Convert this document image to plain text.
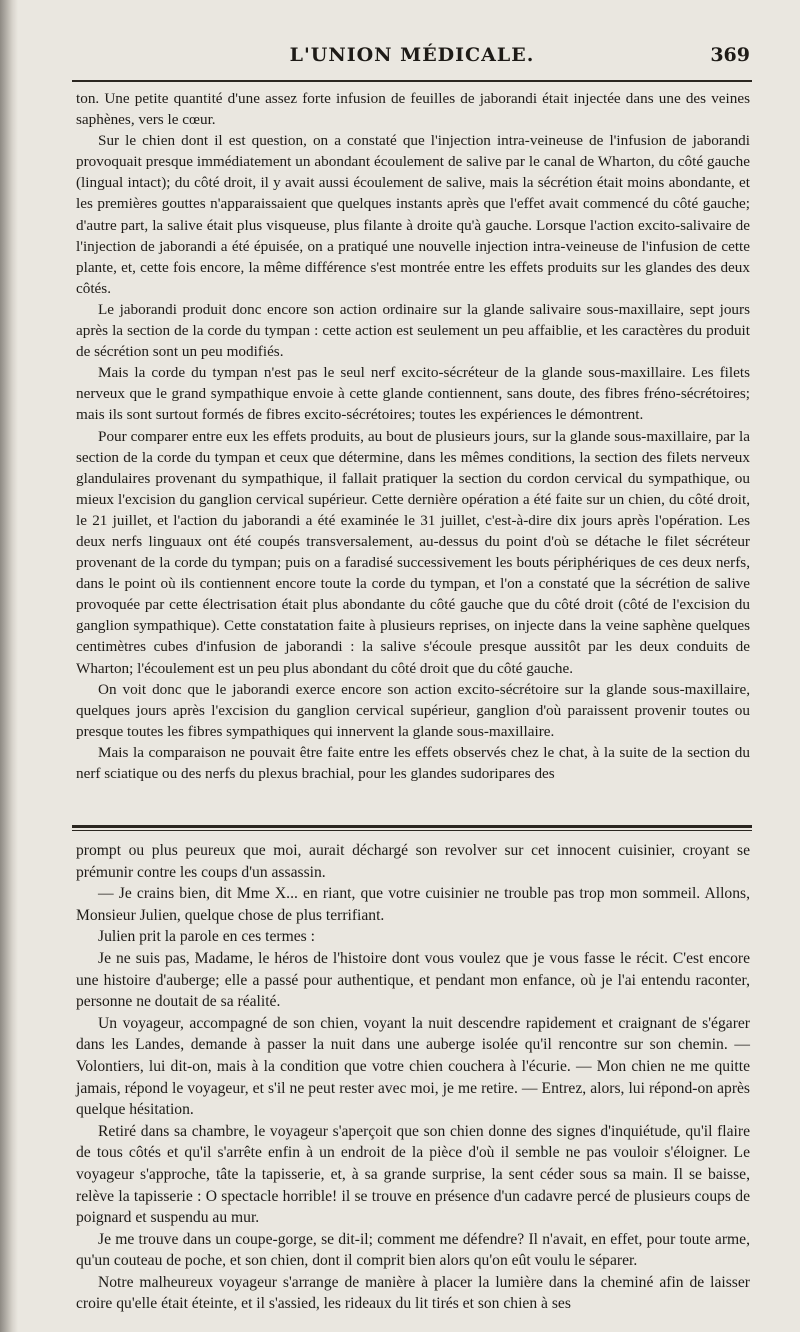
L'UNION MÉDICALE.	369

ton. Une petite quantité d'une assez forte infusion de feuilles de jaborandi était injectée dans une des veines saphènes, vers le cœur.

Sur le chien dont il est question, on a constaté que l'injection intra-veineuse de l'infusion de jaborandi provoquait presque immédiatement un abondant écoulement de salive par le canal de Wharton, du côté gauche (lingual intact); du côté droit, il y avait aussi écoulement de salive, mais la sécrétion était moins abondante, et les premières gouttes n'apparaissaient que quelques instants après que l'effet avait commencé du côté gauche; d'autre part, la salive était plus visqueuse, plus filante à droite qu'à gauche. Lorsque l'action excito-salivaire de l'injection de jaborandi a été épuisée, on a pratiqué une nouvelle injection intra-veineuse de l'infusion de cette plante, et, cette fois encore, la même différence s'est montrée entre les effets produits sur les glandes des deux côtés.

Le jaborandi produit donc encore son action ordinaire sur la glande salivaire sous-maxillaire, sept jours après la section de la corde du tympan : cette action est seulement un peu affaiblie, et les caractères du produit de sécrétion sont un peu modifiés.

Mais la corde du tympan n'est pas le seul nerf excito-sécréteur de la glande sous-maxillaire. Les filets nerveux que le grand sympathique envoie à cette glande contiennent, sans doute, des fibres fréno-sécrétoires; mais ils sont surtout formés de fibres excito-sécrétoires; toutes les expériences le démontrent.

Pour comparer entre eux les effets produits, au bout de plusieurs jours, sur la glande sous-maxillaire, par la section de la corde du tympan et ceux que détermine, dans les mêmes conditions, la section des filets nerveux glandulaires provenant du sympathique, il fallait pratiquer la section du cordon cervical du sympathique, ou mieux l'excision du ganglion cervical supérieur. Cette dernière opération a été faite sur un chien, du côté droit, le 21 juillet, et l'action du jaborandi a été examinée le 31 juillet, c'est-à-dire dix jours après l'opération. Les deux nerfs linguaux ont été coupés transversalement, au-dessus du point d'où se détache le filet sécréteur provenant de la corde du tympan; puis on a faradisé successivement les bouts périphériques de ces deux nerfs, dans le point où ils contiennent encore toute la corde du tympan, et l'on a constaté que la sécrétion de salive provoquée par cette électrisation était plus abondante du côté gauche que du côté droit (côté de l'excision du ganglion sympathique). Cette constatation faite à plusieurs reprises, on injecte dans la veine saphène quelques centimètres cubes d'infusion de jaborandi : la salive s'écoule presque aussitôt par les deux conduits de Wharton; l'écoulement est un peu plus abondant du côté droit que du côté gauche.

On voit donc que le jaborandi exerce encore son action excito-sécrétoire sur la glande sous-maxillaire, quelques jours après l'excision du ganglion cervical supérieur, ganglion d'où paraissent provenir toutes ou presque toutes les fibres sympathiques qui innervent la glande sous-maxillaire.

Mais la comparaison ne pouvait être faite entre les effets observés chez le chat, à la suite de la section du nerf sciatique ou des nerfs du plexus brachial, pour les glandes sudoripares des

prompt ou plus peureux que moi, aurait déchargé son revolver sur cet innocent cuisinier, croyant se prémunir contre les coups d'un assassin.

— Je crains bien, dit Mme X... en riant, que votre cuisinier ne trouble pas trop mon sommeil. Allons, Monsieur Julien, quelque chose de plus terrifiant.

Julien prit la parole en ces termes :

Je ne suis pas, Madame, le héros de l'histoire dont vous voulez que je vous fasse le récit. C'est encore une histoire d'auberge; elle a passé pour authentique, et pendant mon enfance, où je l'ai entendu raconter, personne ne doutait de sa réalité.

Un voyageur, accompagné de son chien, voyant la nuit descendre rapidement et craignant de s'égarer dans les Landes, demande à passer la nuit dans une auberge isolée qu'il rencontre sur son chemin. — Volontiers, lui dit-on, mais à la condition que votre chien couchera à l'écurie. — Mon chien ne me quitte jamais, répond le voyageur, et s'il ne peut rester avec moi, je me retire. — Entrez, alors, lui répond-on après quelque hésitation.

Retiré dans sa chambre, le voyageur s'aperçoit que son chien donne des signes d'inquiétude, qu'il flaire de tous côtés et qu'il s'arrête enfin à un endroit de la pièce d'où il semble ne pas vouloir s'éloigner. Le voyageur s'approche, tâte la tapisserie, et, à sa grande surprise, la sent céder sous sa main. Il se baisse, relève la tapisserie : O spectacle horrible! il se trouve en présence d'un cadavre percé de plusieurs coups de poignard et suspendu au mur.

Je me trouve dans un coupe-gorge, se dit-il; comment me défendre? Il n'avait, en effet, pour toute arme, qu'un couteau de poche, et son chien, dont il comprit bien alors qu'on eût voulu le séparer.

Notre malheureux voyageur s'arrange de manière à placer la lumière dans la cheminé afin de laisser croire qu'elle était éteinte, et il s'assied, les rideaux du lit tirés et son chien à ses
